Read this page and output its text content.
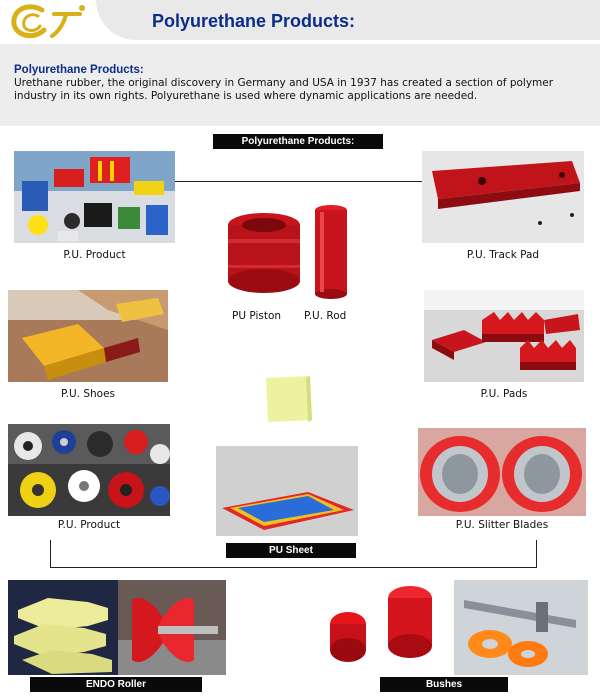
Polyurethane Products:
Polyurethane Products:
Urethane rubber, the original discovery in Germany and USA in 1937 has created a section of polymer industry in its own rights. Polyurethane is used where dynamic applications are needed.
Polyurethane Products:
P.U. Product	P.U. Track Pad
PU Piston	P.U. Rod
P.U. Shoes	P.U. Pads
P.U. Product
PU Sheet
P.U. Slitter Blades
ENDO Roller	Bushes
